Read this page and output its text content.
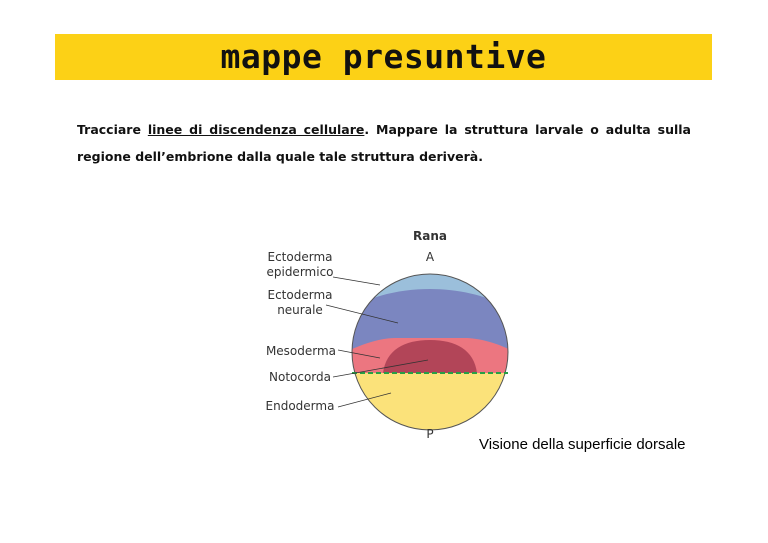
mappe presuntive
Tracciare linee di discendenza cellulare. Mappare la struttura larvale o adulta sulla regione dell’embrione dalla quale tale struttura deriverà.
Rana
A
P
Ectoderma
epidermico
Ectoderma
neurale
Mesoderma
Notocorda
Endoderma
Visione della superficie dorsale
